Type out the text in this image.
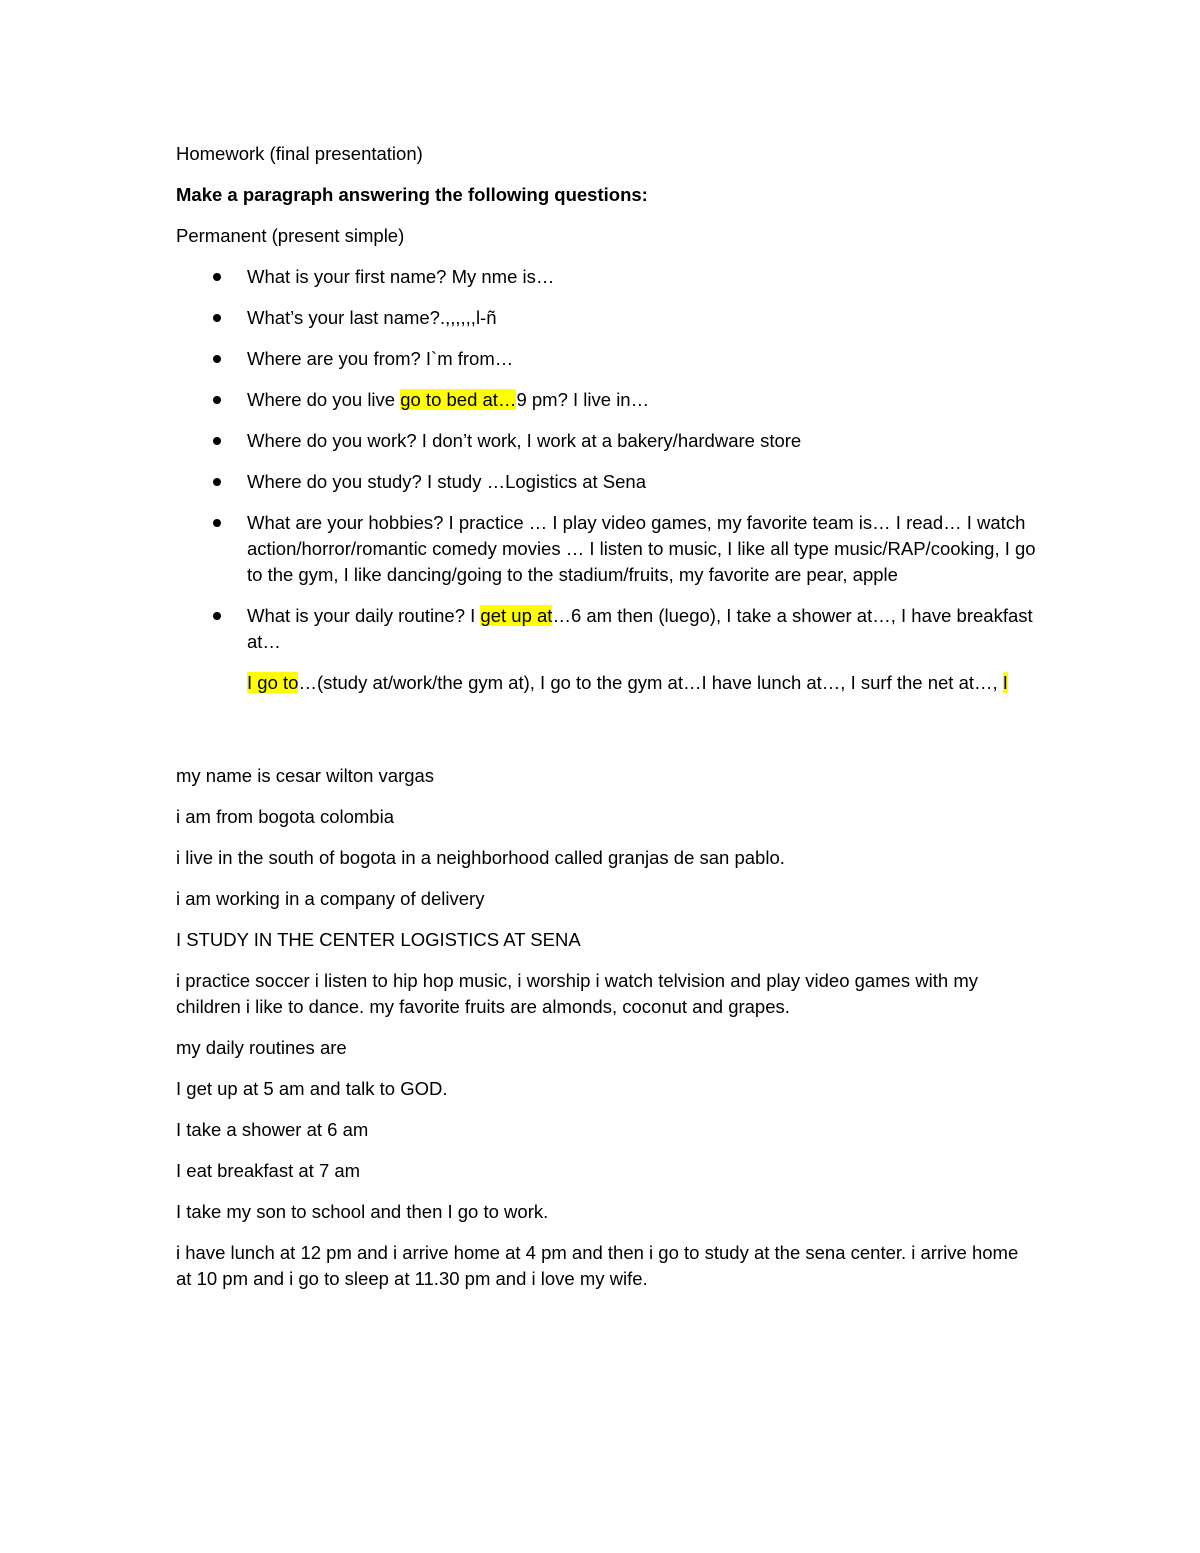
Homework (final presentation)

Make a paragraph answering the following questions:

Permanent (present simple)

What is your first name? My nme is…
What’s your last name?.,,,,,,l-ñ
Where are you from? I`m from…
Where do you live go to bed at…9 pm? I live in…
Where do you work? I don’t work, I work at a bakery/hardware store
Where do you study? I study …Logistics at Sena
What are your hobbies? I practice … I play video games, my favorite team is… I read… I watch action/horror/romantic comedy movies … I listen to music, I like all type music/RAP/cooking, I go to the gym, I like dancing/going to the stadium/fruits, my favorite are pear, apple
What is your daily routine? I get up at…6 am then (luego), I take a shower at…, I have breakfast at…
I go to…(study at/work/the gym at), I go to the gym at…I have lunch at…, I surf the net at…, I

my name is cesar wilton vargas

i am from bogota colombia

i live in the south of bogota in a neighborhood called granjas de san pablo.

i am working in a company of delivery

I STUDY IN THE CENTER LOGISTICS AT SENA

i practice soccer i listen to hip hop music, i worship i watch telvision and play video games with my children i like to dance. my favorite fruits are almonds, coconut and grapes.

my daily routines are

I get up at 5 am and talk to GOD.

I take a shower at 6 am

I eat breakfast at 7 am

I take my son to school and then I go to work.

i have lunch at 12 pm and i arrive home at 4 pm and then i go to study at the sena center. i arrive home at 10 pm and i go to sleep at 11.30 pm and i love my wife.
